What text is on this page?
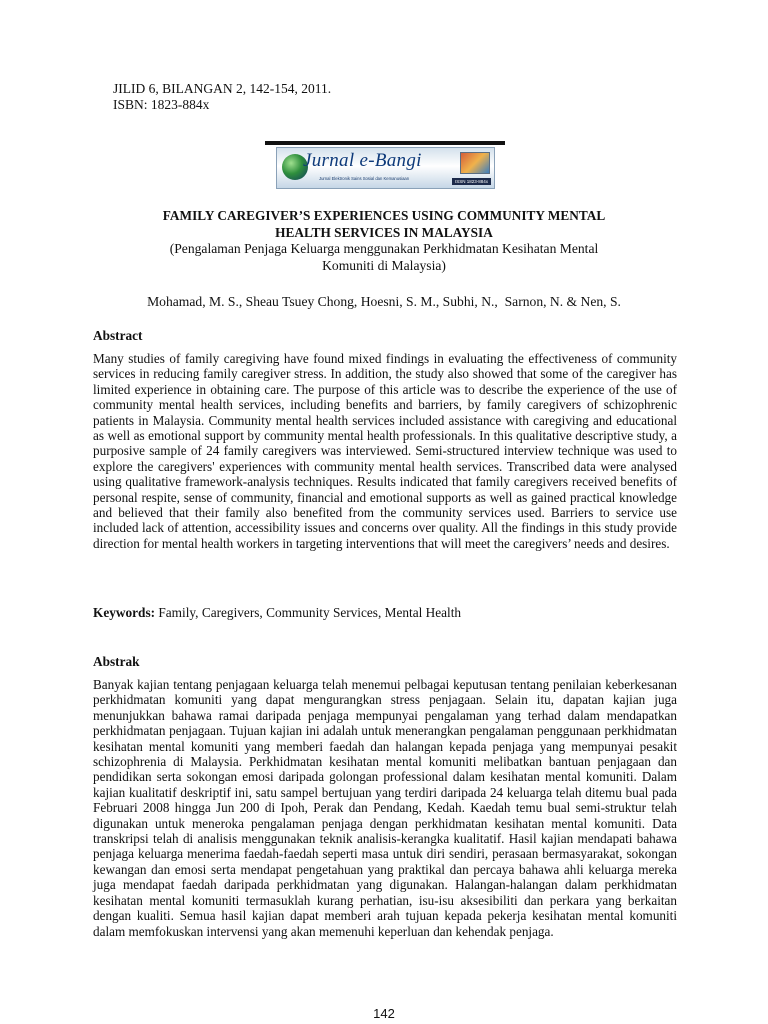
JILID 6, BILANGAN 2, 142-154, 2011.
ISBN: 1823-884x
Jurnal e-Bangi
Jurnal Elektronik Sains Sosial dan Kemanusiaan
ISSN 1823-884x
FAMILY CAREGIVER’S EXPERIENCES USING COMMUNITY MENTAL
HEALTH SERVICES IN MALAYSIA
(Pengalaman Penjaga Keluarga menggunakan Perkhidmatan Kesihatan Mental
Komuniti di Malaysia)
Mohamad, M. S., Sheau Tsuey Chong, Hoesni, S. M., Subhi, N.,  Sarnon, N. & Nen, S.
Abstract

Many studies of family caregiving have found mixed findings in evaluating the effectiveness of community services in reducing family caregiver stress. In addition, the study also showed that some of the caregiver has limited experience in obtaining care. The purpose of this article was to describe the experience of the use of community mental health services, including benefits and barriers, by family caregivers of schizophrenic patients in Malaysia. Community mental health services included assistance with caregiving and educational as well as emotional support by community mental health professionals. In this qualitative descriptive study, a purposive sample of 24 family caregivers was interviewed. Semi-structured interview technique was used to explore the caregivers' experiences with community mental health services. Transcribed data were analysed using qualitative framework-analysis techniques. Results indicated that family caregivers received benefits of personal respite, sense of community, financial and emotional supports as well as gained practical knowledge and believed that their family also benefited from the community services used. Barriers to service use included lack of attention, accessibility issues and concerns over quality. All the findings in this study provide direction for mental health workers in targeting interventions that will meet the caregivers’ needs and desires.

Keywords: Family, Caregivers, Community Services, Mental Health
Abstrak

Banyak kajian tentang penjagaan keluarga telah menemui pelbagai keputusan tentang penilaian keberkesanan perkhidmatan komuniti yang dapat mengurangkan stress penjagaan. Selain itu, dapatan kajian juga menunjukkan bahawa ramai daripada penjaga mempunyai pengalaman yang terhad dalam mendapatkan perkhidmatan penjagaan. Tujuan kajian ini adalah untuk menerangkan pengalaman penggunaan perkhidmatan kesihatan mental komuniti yang memberi faedah dan halangan kepada penjaga yang mempunyai pesakit schizophrenia di Malaysia. Perkhidmatan kesihatan mental komuniti melibatkan bantuan penjagaan dan pendidikan serta sokongan emosi daripada golongan professional dalam kesihatan mental komuniti. Dalam kajian kualitatif deskriptif ini, satu sampel bertujuan yang terdiri daripada 24 keluarga telah ditemu bual pada Februari 2008 hingga Jun 200 di Ipoh, Perak dan Pendang, Kedah. Kaedah temu bual semi-struktur telah digunakan untuk meneroka pengalaman penjaga dengan perkhidmatan kesihatan mental komuniti. Data transkripsi telah di analisis menggunakan teknik analisis-kerangka kualitatif. Hasil kajian mendapati bahawa penjaga keluarga menerima faedah-faedah seperti masa untuk diri sendiri, perasaan bermasyarakat, sokongan kewangan dan emosi serta mendapat pengetahuan yang praktikal dan percaya bahawa ahli keluarga mereka juga mendapat faedah daripada perkhidmatan yang digunakan. Halangan-halangan dalam perkhidmatan kesihatan mental komuniti termasuklah kurang perhatian, isu-isu aksesibiliti dan perkara yang berkaitan dengan kualiti. Semua hasil kajian dapat memberi arah tujuan kepada pekerja kesihatan mental komuniti dalam memfokuskan intervensi yang akan memenuhi keperluan dan kehendak penjaga.

142
